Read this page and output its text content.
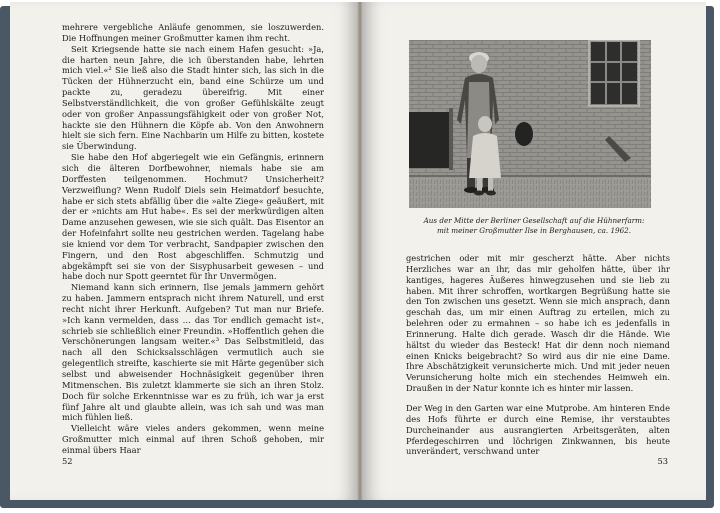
mehrere vergebliche Anläufe genommen, sie loszuwerden. Die Hoffnungen meiner Großmutter kamen ihm recht.

Seit Kriegsende hatte sie nach einem Hafen gesucht: »Ja, die harten neun Jahre, die ich überstanden habe, lehrten mich viel.«² Sie ließ also die Stadt hinter sich, las sich in die Tücken der Hühnerzucht ein, band eine Schürze um und packte zu, geradezu übereifrig. Mit einer Selbstverständlichkeit, die von großer Gefühlskälte zeugt oder von großer Anpassungsfähigkeit oder von großer Not, hackte sie den Hühnern die Köpfe ab. Von den Anwohnern hielt sie sich fern. Eine Nachbarin um Hilfe zu bitten, kostete sie Überwindung.

Sie habe den Hof abgeriegelt wie ein Gefängnis, erinnern sich die älteren Dorfbewohner, niemals habe sie am Dorffesten teilgenommen. Hochmut? Unsicherheit? Verzweiflung? Wenn Rudolf Diels sein Heimatdorf besuchte, habe er sich stets abfällig über die »alte Ziege« geäußert, mit der er »nichts am Hut habe«. Es sei der merkwürdigen alten Dame anzusehen gewesen, wie sie sich quält. Das Eisentor an der Hofeinfahrt sollte neu gestrichen werden. Tagelang habe sie kniend vor dem Tor verbracht, Sandpapier zwischen den Fingern, und den Rost abgeschliffen. Schmutzig und abgekämpft sei sie von der Sisyphusarbeit gewesen – und habe doch nur Spott geerntet für Ihr Unvermögen.

Niemand kann sich erinnern, Ilse jemals jammern gehört zu haben. Jammern entsprach nicht ihrem Naturell, und erst recht nicht ihrer Herkunft. Aufgeben? Tut man nur Briefe. »Ich kann vermelden, dass … das Tor endlich gemacht ist«, schrieb sie schließlich einer Freundin. »Hoffentlich gehen die Verschönerungen langsam weiter.«³ Das Selbstmitleid, das nach all den Schicksalsschlägen vermutlich auch sie gelegentlich streifte, kaschierte sie mit Härte gegenüber sich selbst und abweisender Hochnäsigkeit gegenüber ihren Mitmenschen. Bis zuletzt klammerte sie sich an ihren Stolz. Doch für solche Erkenntnisse war es zu früh, ich war ja erst fünf Jahre alt und glaubte allein, was ich sah und was man mich fühlen ließ.

Vielleicht wäre vieles anders gekommen, wenn meine Großmutter mich einmal auf ihren Schoß gehoben, mir einmal übers Haar

52
Aus der Mitte der Berliner Gesellschaft auf die Hühnerfarm:
mit meiner Großmutter Ilse in Berghausen, ca. 1962.

gestrichen oder mit mir gescherzt hätte. Aber nichts Herzliches war an ihr, das mir geholfen hätte, über ihr kantiges, hageres Äußeres hinwegzusehen und sie lieb zu haben. Mit ihrer schroffen, wortkargen Begrüßung hatte sie den Ton zwischen uns gesetzt. Wenn sie mich ansprach, dann geschah das, um mir einen Auftrag zu erteilen, mich zu belehren oder zu ermahnen – so habe ich es jedenfalls in Erinnerung. Halte dich gerade. Wasch dir die Hände. Wie hältst du wieder das Besteck! Hat dir denn noch niemand einen Knicks beigebracht? So wird aus dir nie eine Dame. Ihre Abschätzigkeit verunsicherte mich. Und mit jeder neuen Verunsicherung holte mich ein stechendes Heimweh ein. Draußen in der Natur konnte ich es hinter mir lassen.

Der Weg in den Garten war eine Mutprobe. Am hinteren Ende des Hofs führte er durch eine Remise, ihr verstaubtes Durcheinander aus ausrangierten Arbeitsgeräten, alten Pferdegeschirren und löchrigen Zinkwannen, bis heute unverändert, verschwand unter

53
